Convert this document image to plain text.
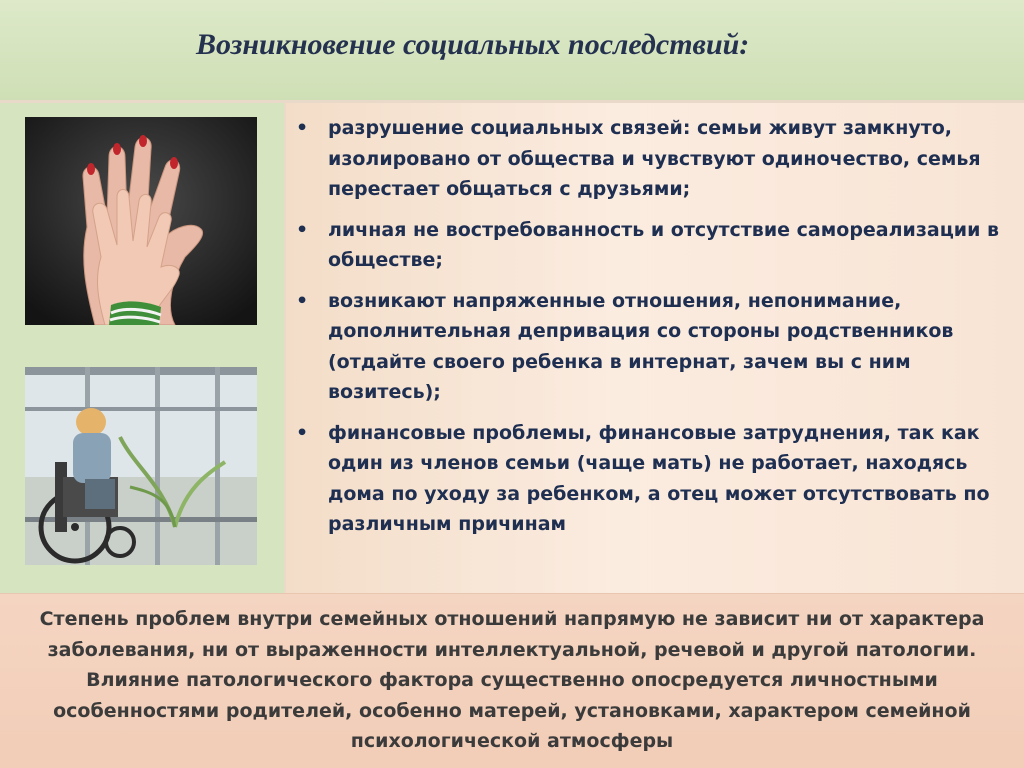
Возникновение социальных последствий:
• разрушение социальных связей: семьи живут замкнуто, изолировано от общества и чувствуют одиночество, семья перестает общаться с друзьями;
• личная не востребованность и отсутствие самореализации в обществе;
• возникают напряженные отношения, непонимание, дополнительная депривация со стороны родственников (отдайте своего ребенка в интернат, зачем вы с ним возитесь);
• финансовые проблемы, финансовые затруднения, так как один из членов семьи (чаще мать) не работает, находясь дома по уходу за ребенком, а отец может отсутствовать по различным причинам
Степень проблем внутри семейных отношений напрямую не зависит ни от характера
заболевания, ни от выраженности интеллектуальной, речевой и другой патологии.
Влияние патологического фактора существенно опосредуется личностными
особенностями родителей, особенно матерей, установками, характером семейной
психологической атмосферы
